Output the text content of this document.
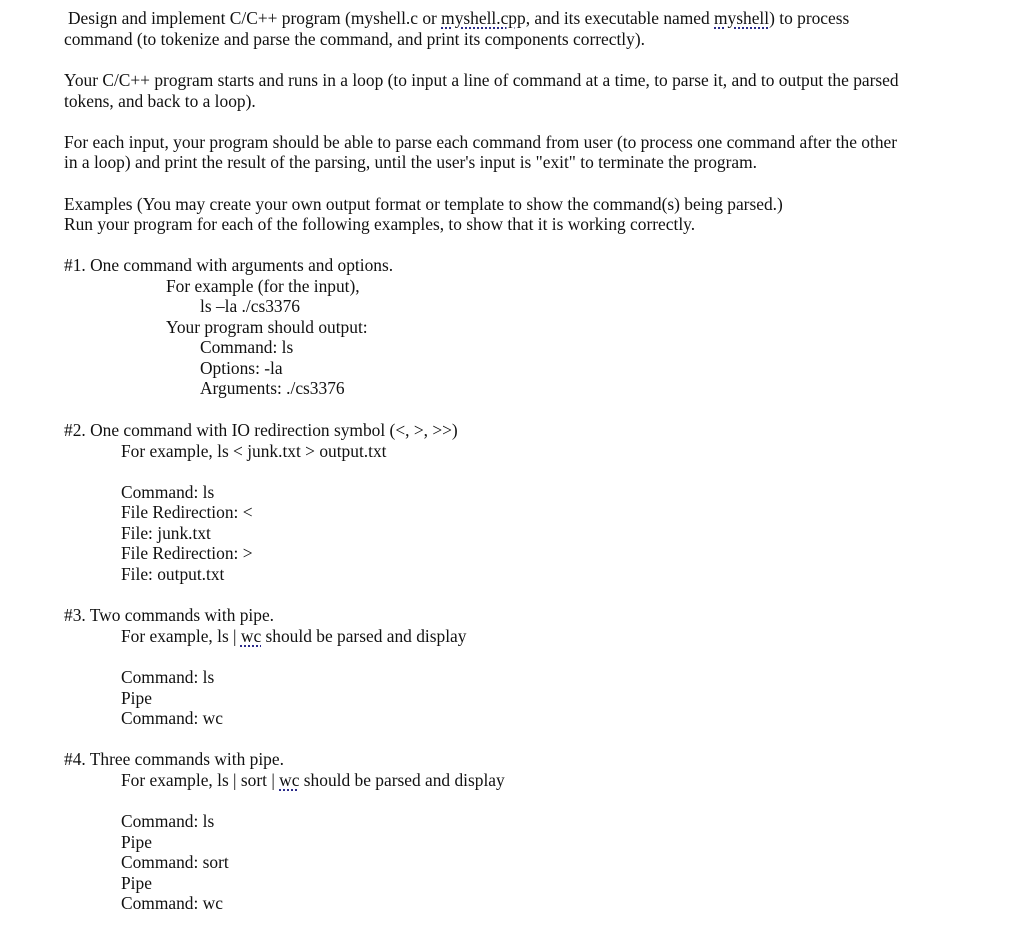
Design and implement C/C++ program (myshell.c or myshell.cpp, and its executable named myshell) to process
command (to tokenize and parse the command, and print its components correctly).
Your C/C++ program starts and runs in a loop (to input a line of command at a time, to parse it, and to output the parsed
tokens, and back to a loop).
For each input, your program should be able to parse each command from user (to process one command after the other
in a loop) and print the result of the parsing, until the user's input is "exit" to terminate the program.
Examples (You may create your own output format or template to show the command(s) being parsed.)
Run your program for each of the following examples, to show that it is working correctly.
#1. One command with arguments and options.
For example (for the input),
ls –la ./cs3376
Your program should output:
Command: ls
Options: -la
Arguments: ./cs3376
#2. One command with IO redirection symbol (<, >, >>)
For example, ls < junk.txt > output.txt
Command: ls
File Redirection: <
File: junk.txt
File Redirection: >
File: output.txt
#3. Two commands with pipe.
For example, ls | wc should be parsed and display
Command: ls
Pipe
Command: wc
#4. Three commands with pipe.
For example, ls | sort | wc should be parsed and display
Command: ls
Pipe
Command: sort
Pipe
Command: wc
